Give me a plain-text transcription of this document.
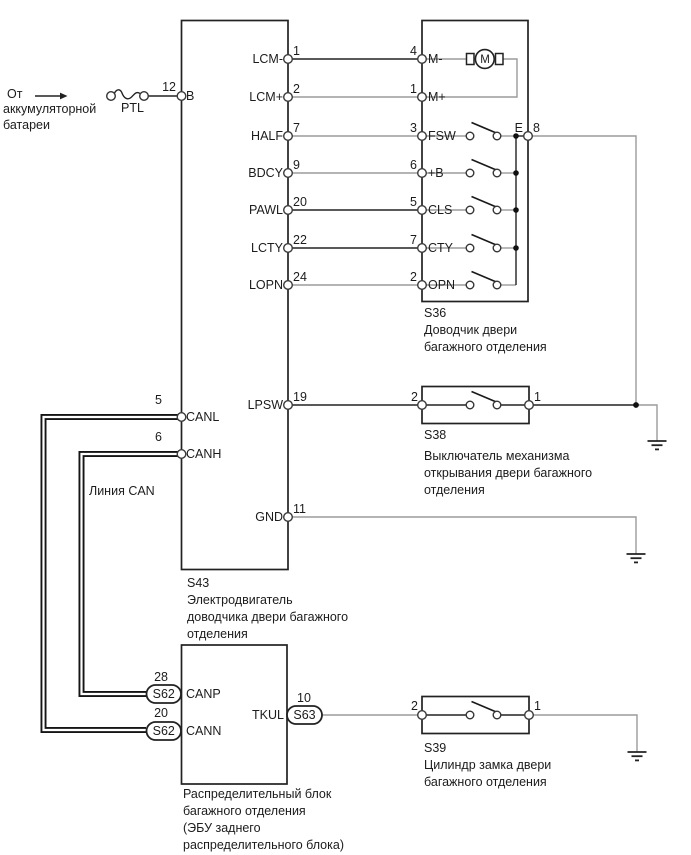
От
аккумуляторной
батареи
PTL
12
B
LCM-
LCM+
HALF
BDCY
PAWL
LCTY
LOPN
1
2
7
9
20
22
24
LPSW
19
GND
11
5
CANL
6
CANH
4
1
3
6
5
7
2
M-
M+
FSW
+B
CLS
CTY
OPN
E 8
M
S36
Доводчик двери
багажного отделения
2	1
S38
Выключатель механизма
открывания двери багажного
отделения
S43
Электродвигатель
доводчика двери багажного
отделения
Линия CAN
28
S62 CANP
20
S62 CANN
TKUL
10
S63
2	1
S39
Цилиндр замка двери
багажного отделения
Распределительный блок
багажного отделения
(ЭБУ заднего
распределительного блока)
